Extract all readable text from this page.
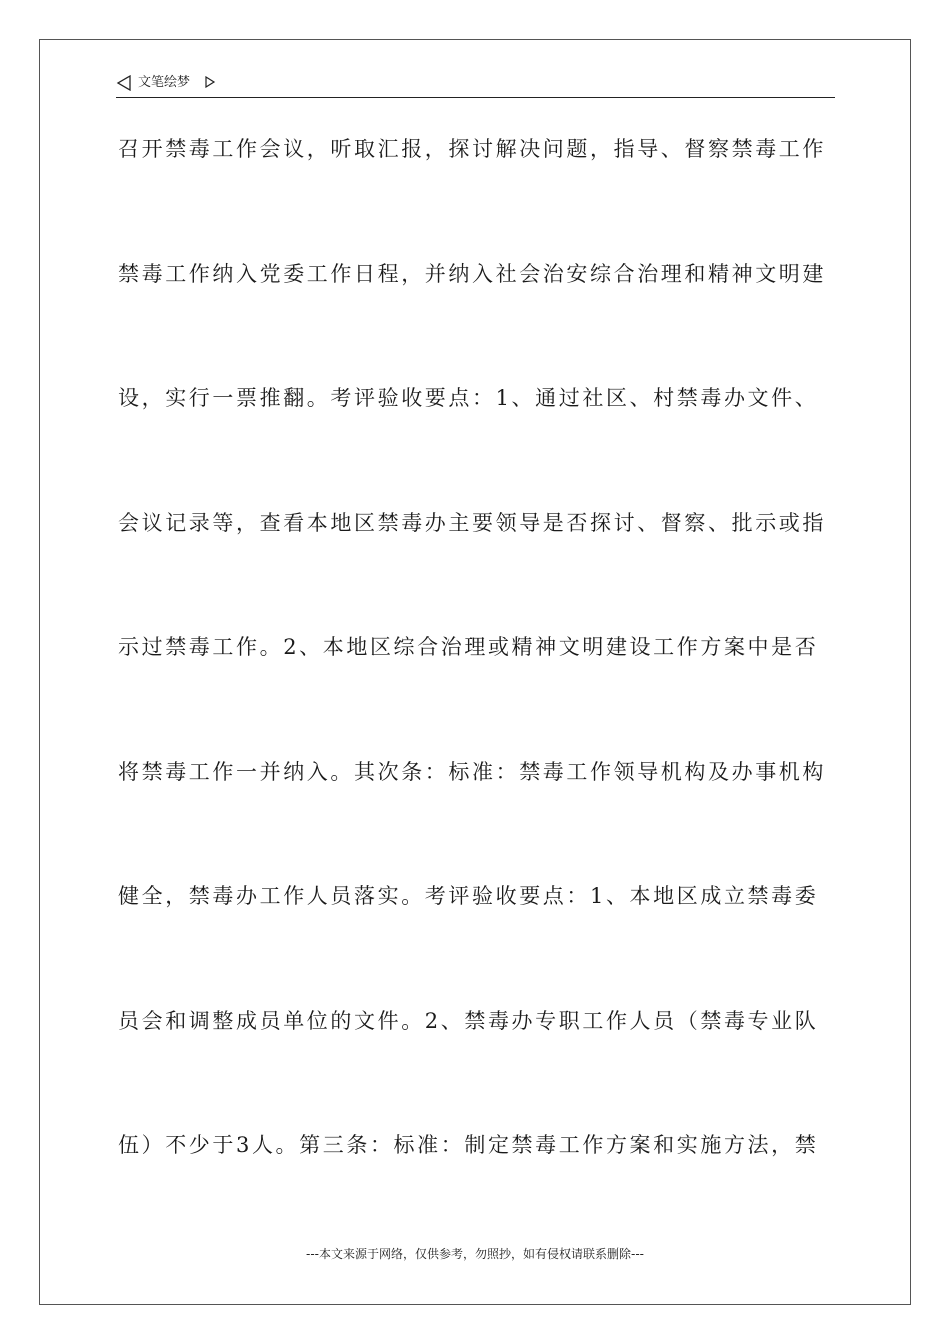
文笔绘梦
召开禁毒工作会议，听取汇报，探讨解决问题，指导、督察禁毒工作
禁毒工作纳入党委工作日程，并纳入社会治安综合治理和精神文明建
设，实行一票推翻。考评验收要点：1、通过社区、村禁毒办文件、
会议记录等，查看本地区禁毒办主要领导是否探讨、督察、批示或指
示过禁毒工作。2、本地区综合治理或精神文明建设工作方案中是否
将禁毒工作一并纳入。其次条：标准：禁毒工作领导机构及办事机构
健全，禁毒办工作人员落实。考评验收要点：1、本地区成立禁毒委
员会和调整成员单位的文件。2、禁毒办专职工作人员（禁毒专业队
伍）不少于3人。第三条：标准：制定禁毒工作方案和实施方法，禁
---本文来源于网络，仅供参考，勿照抄，如有侵权请联系删除---
